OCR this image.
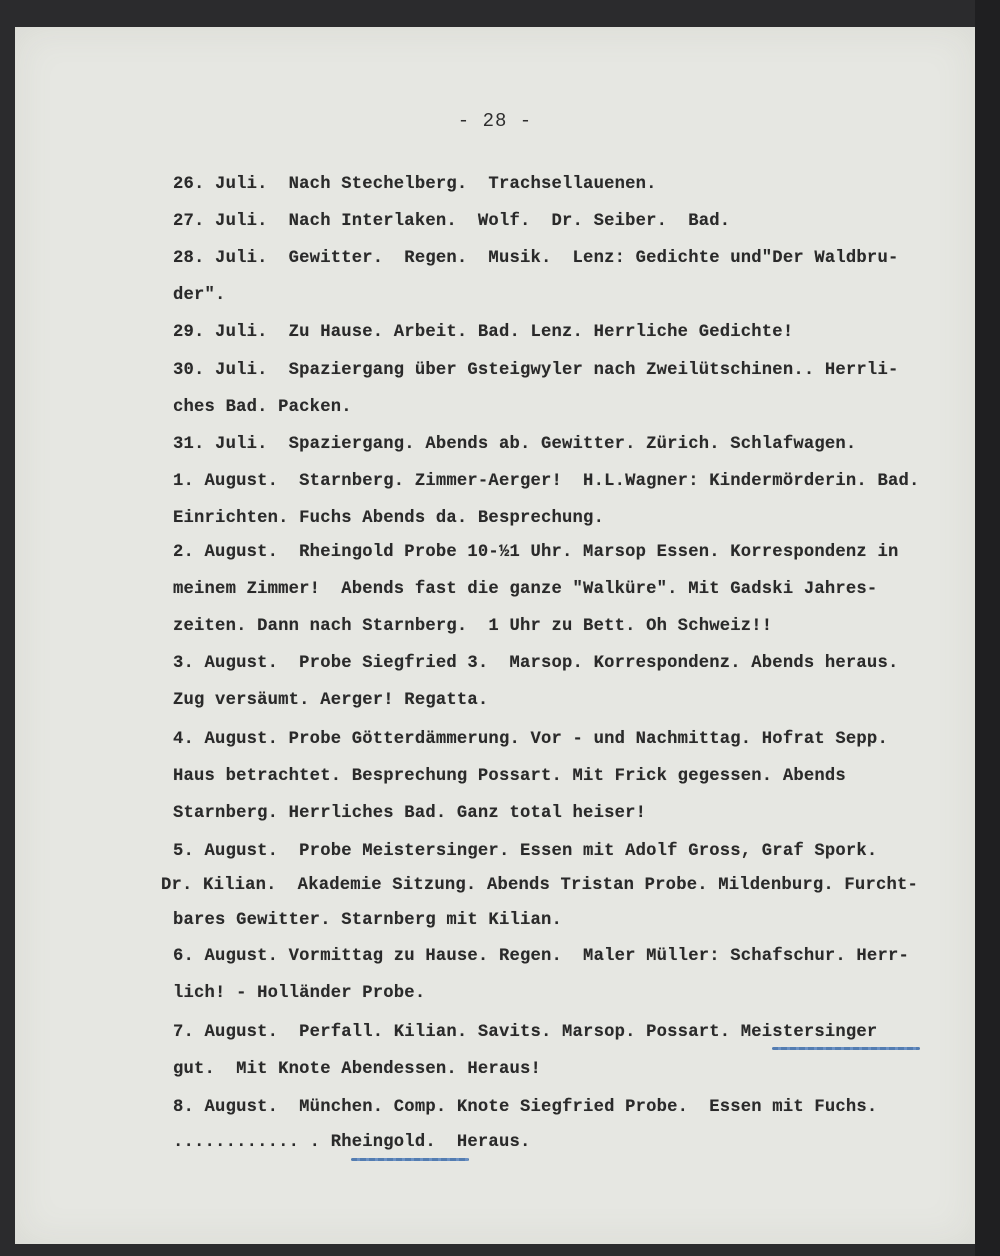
- 28 -
26. Juli.  Nach Stechelberg.  Trachsellauenen.
27. Juli.  Nach Interlaken.  Wolf.  Dr. Seiber.  Bad.
28. Juli.  Gewitter.  Regen.  Musik.  Lenz: Gedichte und"Der Waldbru-
der".
29. Juli.  Zu Hause. Arbeit. Bad. Lenz. Herrliche Gedichte!
30. Juli.  Spaziergang über Gsteigwyler nach Zweilütschinen.. Herrli-
ches Bad. Packen.
31. Juli.  Spaziergang. Abends ab. Gewitter. Zürich. Schlafwagen.
1. August.  Starnberg. Zimmer-Aerger!  H.L.Wagner: Kindermörderin. Bad.
Einrichten. Fuchs Abends da. Besprechung.
2. August.  Rheingold Probe 10-½1 Uhr. Marsop Essen. Korrespondenz in
meinem Zimmer!  Abends fast die ganze "Walküre". Mit Gadski Jahres-
zeiten. Dann nach Starnberg.  1 Uhr zu Bett. Oh Schweiz!!
3. August.  Probe Siegfried 3.  Marsop. Korrespondenz. Abends heraus.
Zug versäumt. Aerger! Regatta.
4. August. Probe Götterdämmerung. Vor - und Nachmittag. Hofrat Sepp.
Haus betrachtet. Besprechung Possart. Mit Frick gegessen. Abends
Starnberg. Herrliches Bad. Ganz total heiser!
5. August.  Probe Meistersinger. Essen mit Adolf Gross, Graf Spork.
Dr. Kilian.  Akademie Sitzung. Abends Tristan Probe. Mildenburg. Furcht-
bares Gewitter. Starnberg mit Kilian.
6. August. Vormittag zu Hause. Regen.  Maler Müller: Schafschur. Herr-
lich! - Holländer Probe.
7. August.  Perfall. Kilian. Savits. Marsop. Possart. Meistersinger
gut.  Mit Knote Abendessen. Heraus!
8. August.  München. Comp. Knote Siegfried Probe.  Essen mit Fuchs.
............ . Rheingold.  Heraus.
